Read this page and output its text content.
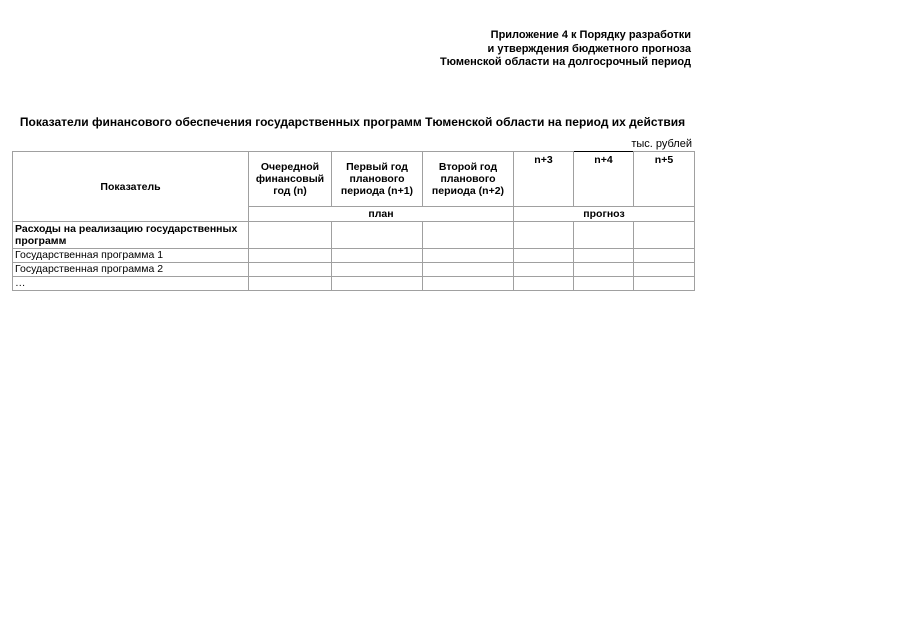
Приложение 4 к Порядку разработки
и утверждения бюджетного прогноза
Тюменской области на долгосрочный период
Показатели финансового обеспечения государственных программ Тюменской области на период их действия
тыс. рублей
Показатель	Очередной финансовый год (n)	Первый год планового периода (n+1)	Второй год планового периода (n+2)	n+3	n+4	n+5
	план			прогноз		
Расходы на реализацию государственных программ						
Государственная программа 1						
Государственная программа 2						
…						
